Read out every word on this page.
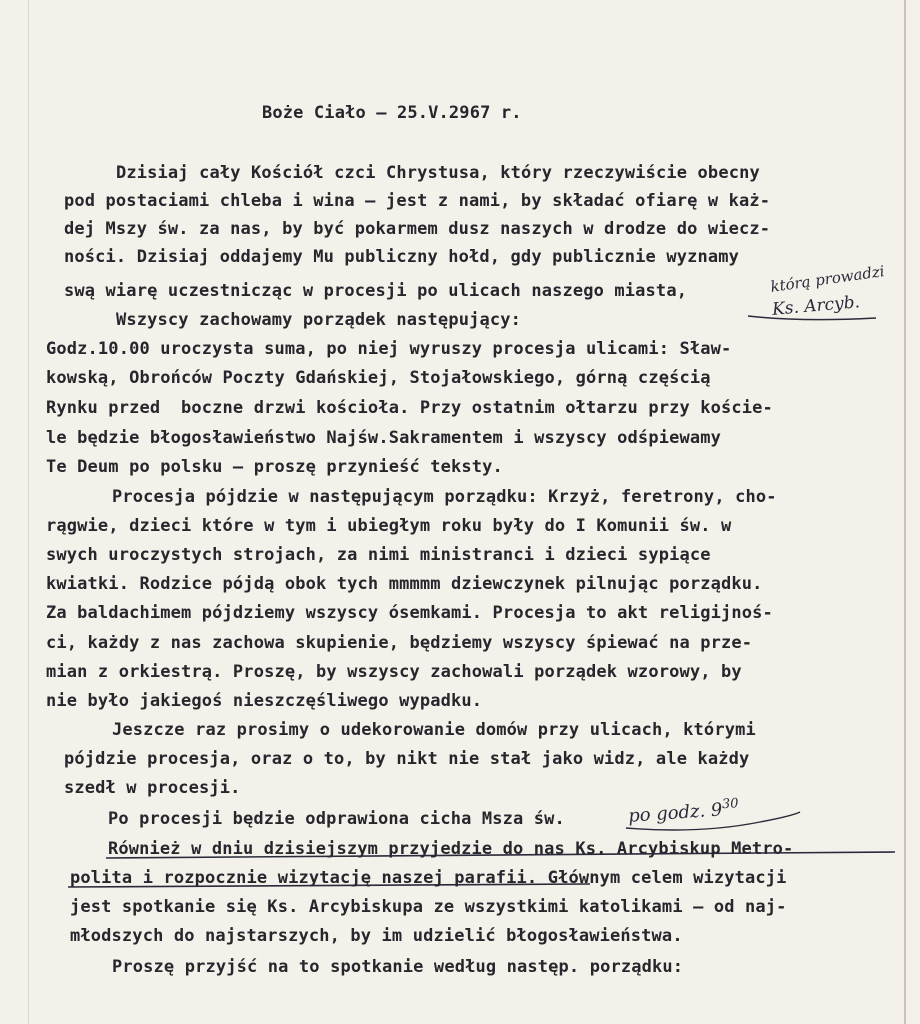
Boże Ciało – 25.V.2967 r.
Dzisiaj cały Kościół czci Chrystusa, który rzeczywiście obecny
pod postaciami chleba i wina – jest z nami, by składać ofiarę w każ-
dej Mszy św. za nas, by być pokarmem dusz naszych w drodze do wiecz-
ności. Dzisiaj oddajemy Mu publiczny hołd, gdy publicznie wyznamy
swą wiarę uczestnicząc w procesji po ulicach naszego miasta,
Wszyscy zachowamy porządek następujący:
Godz.10.00 uroczysta suma, po niej wyruszy procesja ulicami: Sław-
kowską, Obrońców Poczty Gdańskiej, Stojałowskiego, górną częścią
Rynku przed  boczne drzwi kościoła. Przy ostatnim ołtarzu przy koście-
le będzie błogosławieństwo Najśw.Sakramentem i wszyscy odśpiewamy
Te Deum po polsku – proszę przynieść teksty.
Procesja pójdzie w następującym porządku: Krzyż, feretrony, cho-
rągwie, dzieci które w tym i ubiegłym roku były do I Komunii św. w
swych uroczystych strojach, za nimi ministranci i dzieci sypiące
kwiatki. Rodzice pójdą obok tych mmmmm dziewczynek pilnując porządku.
Za baldachimem pójdziemy wszyscy ósemkami. Procesja to akt religijnoś-
ci, każdy z nas zachowa skupienie, będziemy wszyscy śpiewać na prze-
mian z orkiestrą. Proszę, by wszyscy zachowali porządek wzorowy, by
nie było jakiegoś nieszczęśliwego wypadku.
Jeszcze raz prosimy o udekorowanie domów przy ulicach, którymi
pójdzie procesja, oraz o to, by nikt nie stał jako widz, ale każdy
szedł w procesji.
Po procesji będzie odprawiona cicha Msza św.
Również w dniu dzisiejszym przyjedzie do nas Ks. Arcybiskup Metro-
polita i rozpocznie wizytację naszej parafii. Głównym celem wizytacji
jest spotkanie się Ks. Arcybiskupa ze wszystkimi katolikami – od naj-
młodszych do najstarszych, by im udzielić błogosławieństwa.
Proszę przyjść na to spotkanie według następ. porządku:
którą prowadzi
Ks. Arcyb.
po godz. $9^{30}$
